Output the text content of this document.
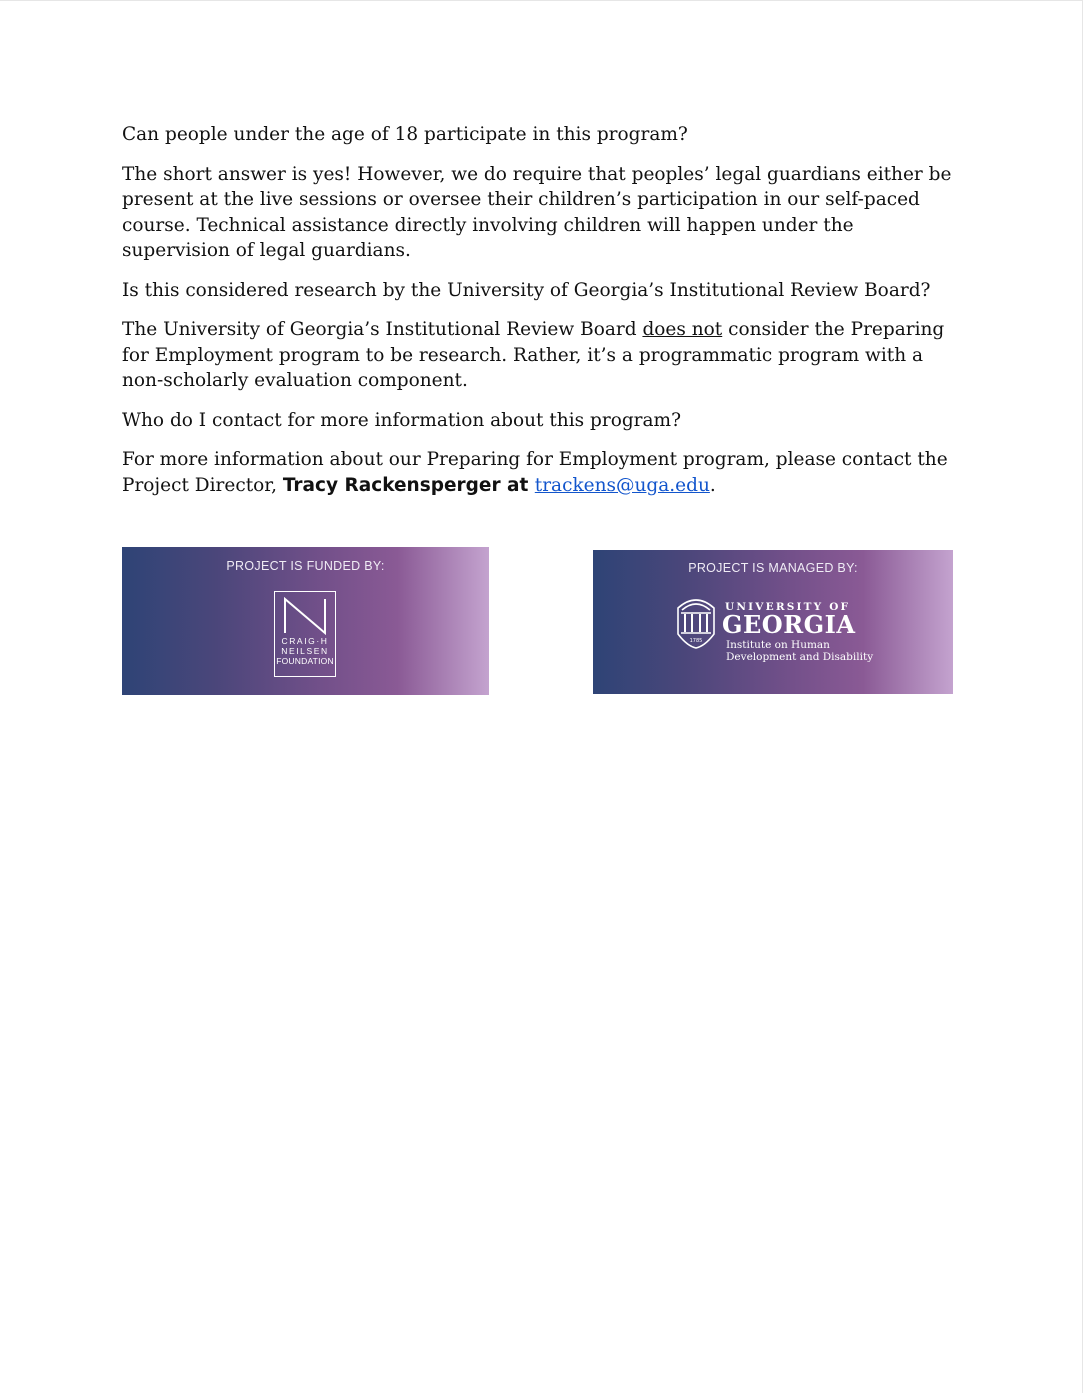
Can people under the age of 18 participate in this program?

The short answer is yes! However, we do require that peoples’ legal guardians either be present at the live sessions or oversee their children’s participation in our self-paced course. Technical assistance directly involving children will happen under the supervision of legal guardians.

Is this considered research by the University of Georgia’s Institutional Review Board?

The University of Georgia’s Institutional Review Board does not consider the Preparing for Employment program to be research. Rather, it’s a programmatic program with a non-scholarly evaluation component.

Who do I contact for more information about this program?

For more information about our Preparing for Employment program, please contact the Project Director, Tracy Rackensperger at trackens@uga.edu.

PROJECT IS FUNDED BY:
CRAIG·H
NEILSEN
FOUNDATION
PROJECT IS MANAGED BY:
1785
UNIVERSITY OF
GEORGIA
Institute on Human
Development and Disability
